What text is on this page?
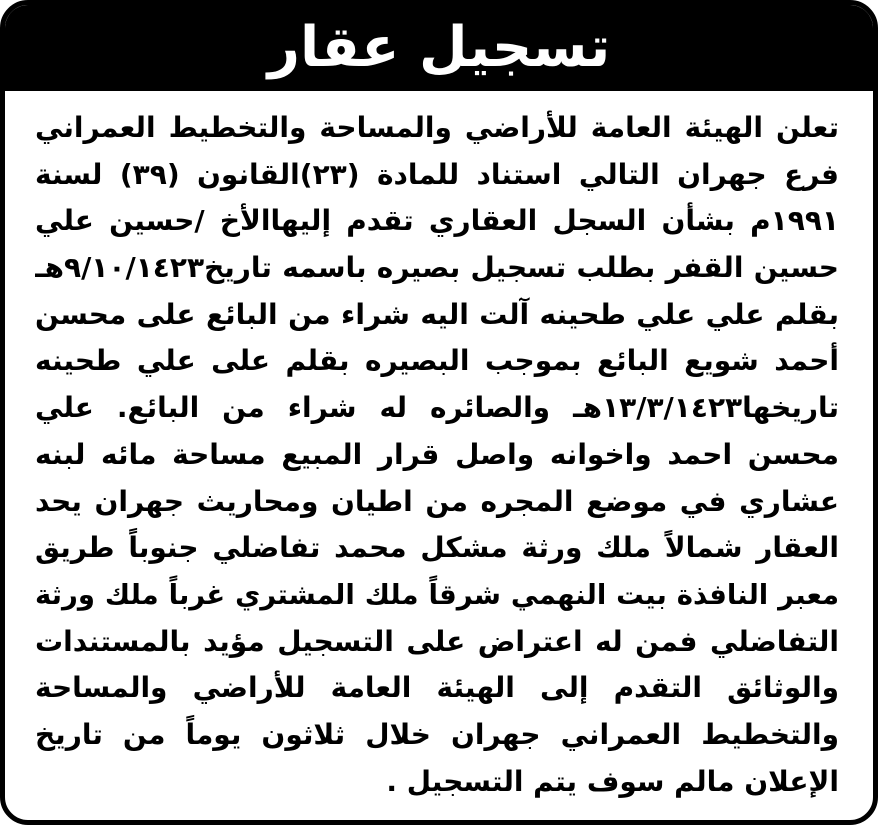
تسجيل عقار
تعلن الهيئة العامة للأراضي والمساحة والتخطيط العمراني
فرع جهران التالي استناد للمادة (٢٣)القانون (٣٩) لسنة
١٩٩١م بشأن السجل العقاري تقدم إليهاالأخ /حسين علي
حسين القفر بطلب تسجيل بصيره باسمه تاريخ٩/١٠/١٤٢٣هـ
بقلم علي علي طحينه آلت اليه شراء من البائع على محسن
أحمد شويع البائع بموجب البصيره بقلم على علي طحينه
تاريخها١٣/٣/١٤٢٣هـ والصائره له شراء من البائع. علي
محسن احمد واخوانه واصل قرار المبيع مساحة مائه لبنه
عشاري في موضع المجره من اطيان ومحاريث جهران يحد
العقار شمالاً ملك ورثة مشكل محمد تفاضلي جنوباً طريق
معبر النافذة بيت النهمي شرقاً ملك المشتري غرباً ملك ورثة
التفاضلي فمن له اعتراض على التسجيل مؤيد بالمستندات
والوثائق التقدم إلى الهيئة العامة للأراضي والمساحة
والتخطيط العمراني جهران خلال ثلاثون يوماً من تاريخ
الإعلان مالم سوف يتم التسجيل .
